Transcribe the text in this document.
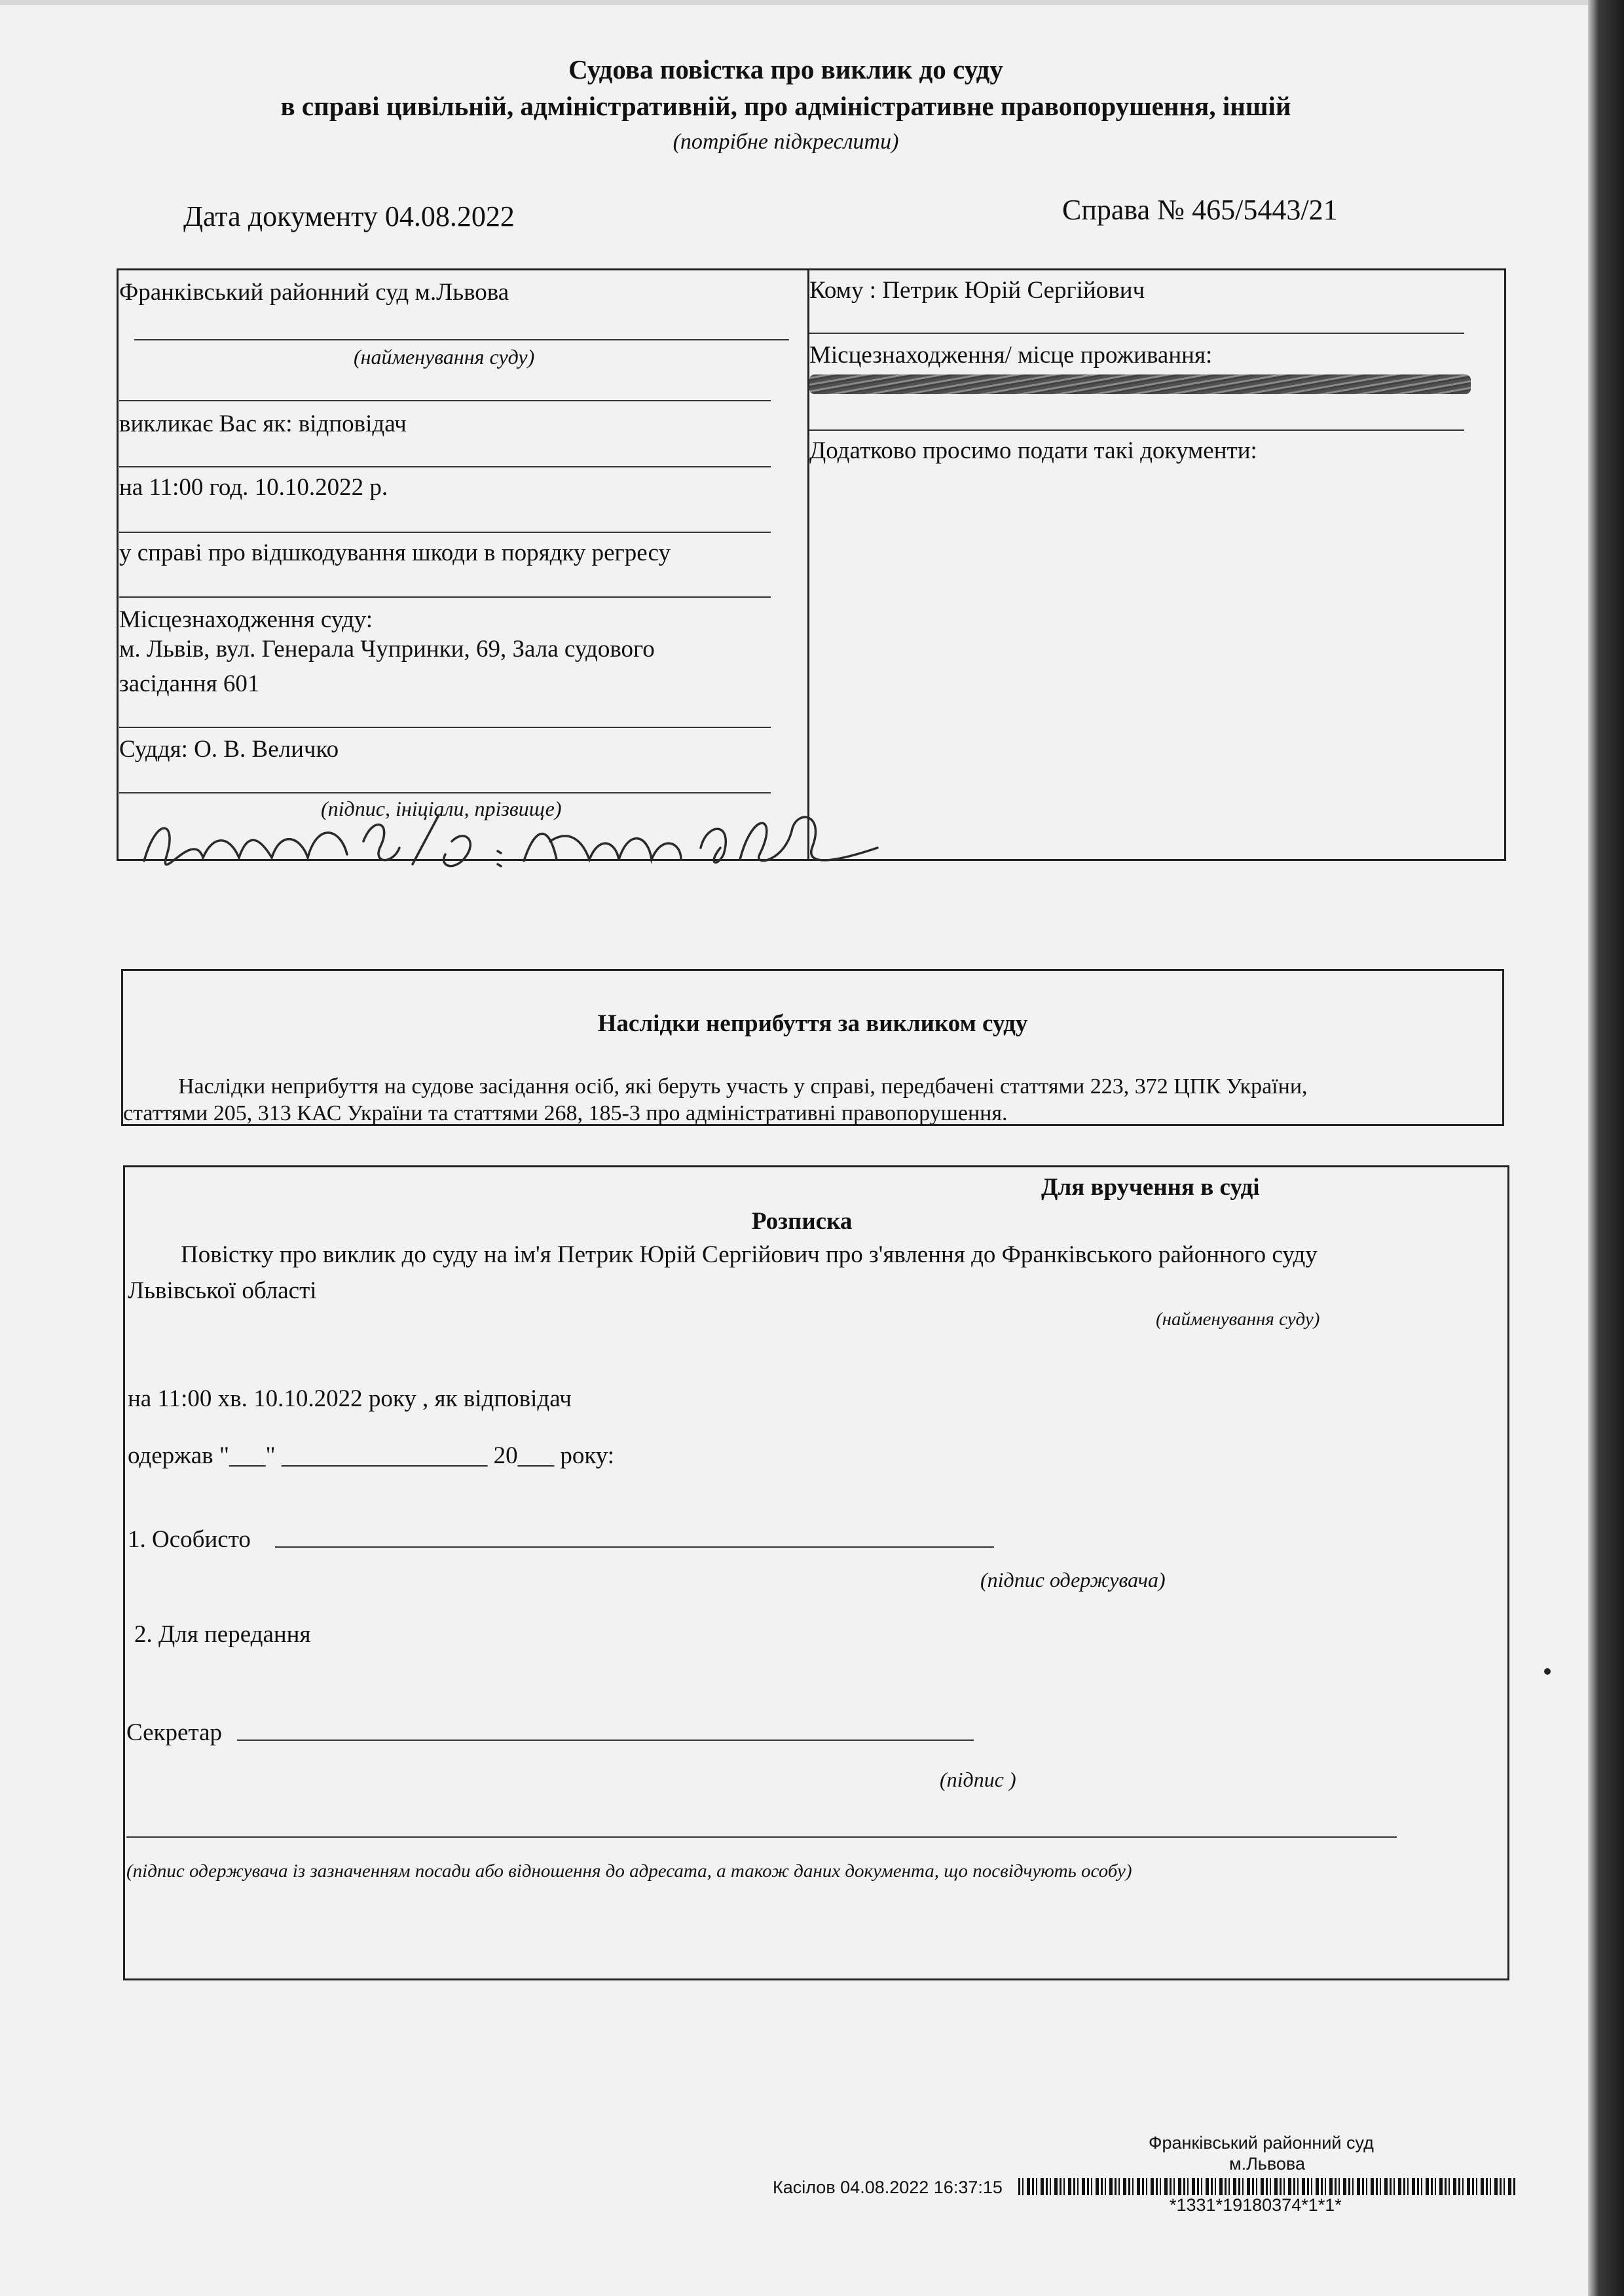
Судова повістка про виклик до суду
в справі цивільній, адміністративній, про адміністративне правопорушення, іншій
(потрібне підкреслити)
Дата документу 04.08.2022	Справа № 465/5443/21
Франківський районний суд м.Львова
(найменування суду)
викликає Вас як: відповідач
на 11:00 год. 10.10.2022 р.
у справі про відшкодування шкоди в порядку регресу
Місцезнаходження суду:
м. Львів, вул. Генерала Чупринки, 69, Зала судового
засідання 601
Суддя: О. В. Величко
(підпис, ініціали, прізвище)
Кому : Петрик Юрій Сергійович
Місцезнаходження/ місце проживання:
Додатково просимо подати такі документи:
Наслідки неприбуття за викликом суду
Наслідки неприбуття на судове засідання осіб, які беруть участь у справі, передбачені статтями 223, 372 ЦПК України,
статтями 205, 313 КАС України та статтями 268, 185-3 про адміністративні правопорушення.
Для вручення в суді
Розписка
Повістку про виклик до суду на ім'я Петрик Юрій Сергійович про з'явлення до Франківського районного суду
Львівської області
(найменування суду)
на 11:00 хв. 10.10.2022 року , як відповідач
одержав "___" _________________ 20___ року:
1. Особисто
(підпис одержувача)
2. Для передання
Секретар
(підпис )
(підпис одержувача із зазначенням посади або відношення до адресата, а також даних документа, що посвідчують особу)
Франківський районний суд
м.Львова
Касілов 04.08.2022 16:37:15
*1331*19180374*1*1*
